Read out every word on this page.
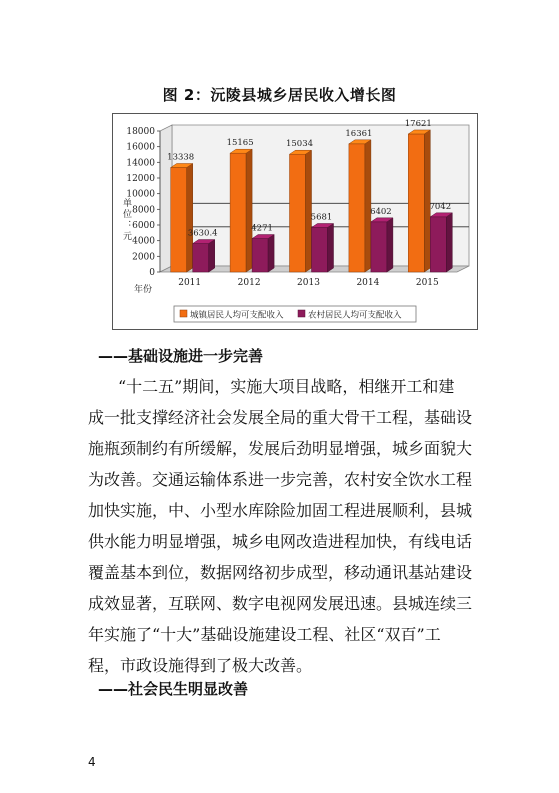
图 2：沅陵县城乡居民收入增长图
0
2000
4000
6000
8000
10000
12000
14000
16000
18000
单位：元
13338
3630.4
2011
15165
4271
2012
15034
5681
2013
16361
6402
2014
17621
7042
2015
年份
城镇居民人均可支配收入	农村居民人均可支配收入
——基础设施进一步完善
“十二五”期间，实施大项目战略，相继开工和建
成一批支撑经济社会发展全局的重大骨干工程，基础设
施瓶颈制约有所缓解，发展后劲明显增强，城乡面貌大
为改善。交通运输体系进一步完善，农村安全饮水工程
加快实施，中、小型水库除险加固工程进展顺利，县城
供水能力明显增强，城乡电网改造进程加快，有线电话
覆盖基本到位，数据网络初步成型，移动通讯基站建设
成效显著，互联网、数字电视网发展迅速。县城连续三
年实施了“十大”基础设施建设工程、社区“双百”工
程，市政设施得到了极大改善。
——社会民生明显改善
4
